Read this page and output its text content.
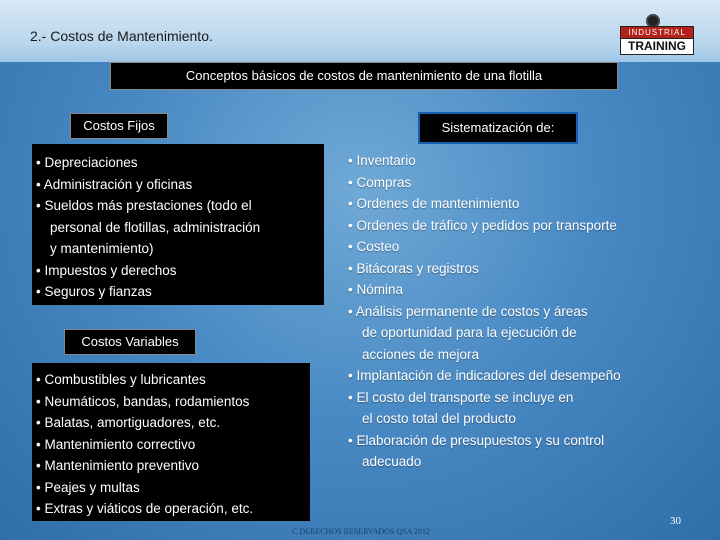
2.- Costos de Mantenimiento.	INDUSTRIAL
TRAINING
Conceptos básicos de costos de mantenimiento de una flotilla
Costos Fijos
• Depreciaciones
• Administración y oficinas
• Sueldos más prestaciones (todo el
personal de flotillas, administración
y mantenimiento)
• Impuestos y derechos
• Seguros y fianzas
Sistematización de:
• Inventario
• Compras
• Ordenes de mantenimiento
• Ordenes de tráfico y pedidos por transporte
• Costeo
• Bitácoras y registros
• Nómina
• Análisis permanente de costos y áreas
de oportunidad para la ejecución de
acciones de mejora
• Implantación de indicadores del desempeño
• El costo del transporte se incluye en
el costo total del producto
• Elaboración de presupuestos y su control
adecuado
Costos Variables
• Combustibles y lubricantes
• Neumáticos, bandas, rodamientos
• Balatas, amortiguadores, etc.
• Mantenimiento correctivo
• Mantenimiento preventivo
• Peajes y multas
• Extras y viáticos de operación, etc.
C DERECHOS RESERVADOS QSA 2012
30
